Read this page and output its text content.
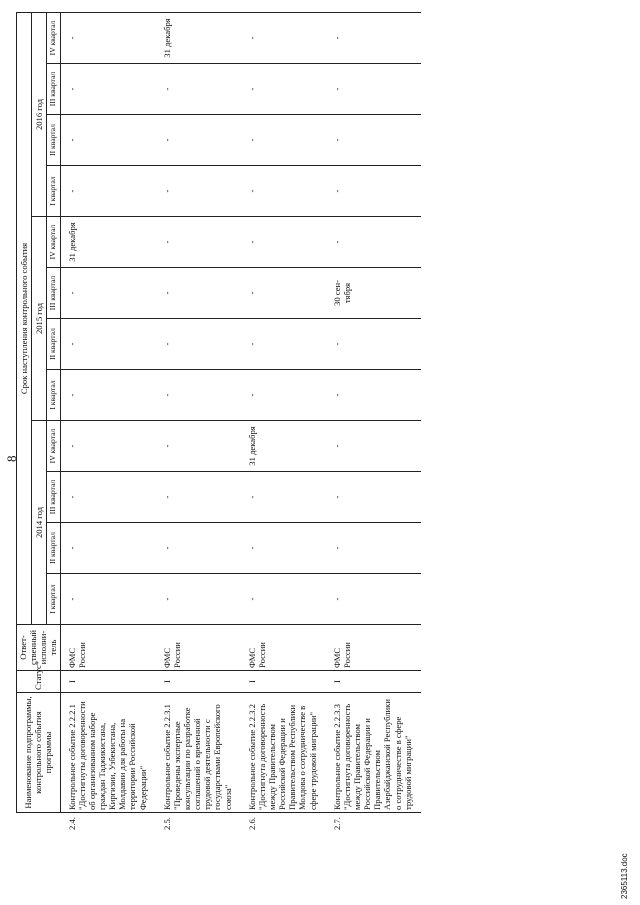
8
Наименование подпрограммы, контрольного события программы	Статус*	Ответ-ственный исполни-тель	Срок наступления контрольного события											
			2014 год				2015 год				2016 год			
			I квартал	II квартал	III квартал	IV квартал	I квартал	II квартал	III квартал	IV квартал	I квартал	II квартал	III квартал	IV квартал

2.4.
Контрольное событие 2.2.2.1 "Достигнуты договоренности об организованном наборе граждан Таджикистана, Киргизии, Узбекистана, Молдавии для работы на территории Российской Федерации"	I	ФМС России	-	-	-	-	-	-	-	31 декабря	-	-	-	-

2.5.
Контрольное событие 2.2.3.1 "Проведены экспертные консультации по разработке соглашений о временной трудовой деятельности с государствами Европейского союза"	I	ФМС России	-	-	-	-	-	-	-	-	-	-	-	31 декабря

2.6.
Контрольное событие 2.2.3.2 "Достигнута договоренность между Правительством Российской Федерации и Правительством Республики Молдова о сотрудничестве в сфере трудовой миграции"	I	ФМС России	-	-	-	31 декабря	-	-	-	-	-	-	-	-

2.7.
Контрольное событие 2.2.3.3 "Достигнута договоренность между Правительством Российской Федерации и Правительством Азербайджанской Республики о сотрудничестве в сфере трудовой миграции"	I	ФМС России	-	-	-	-	-	-	30 сен- тября	-	-	-	-	-
2365113.doc
